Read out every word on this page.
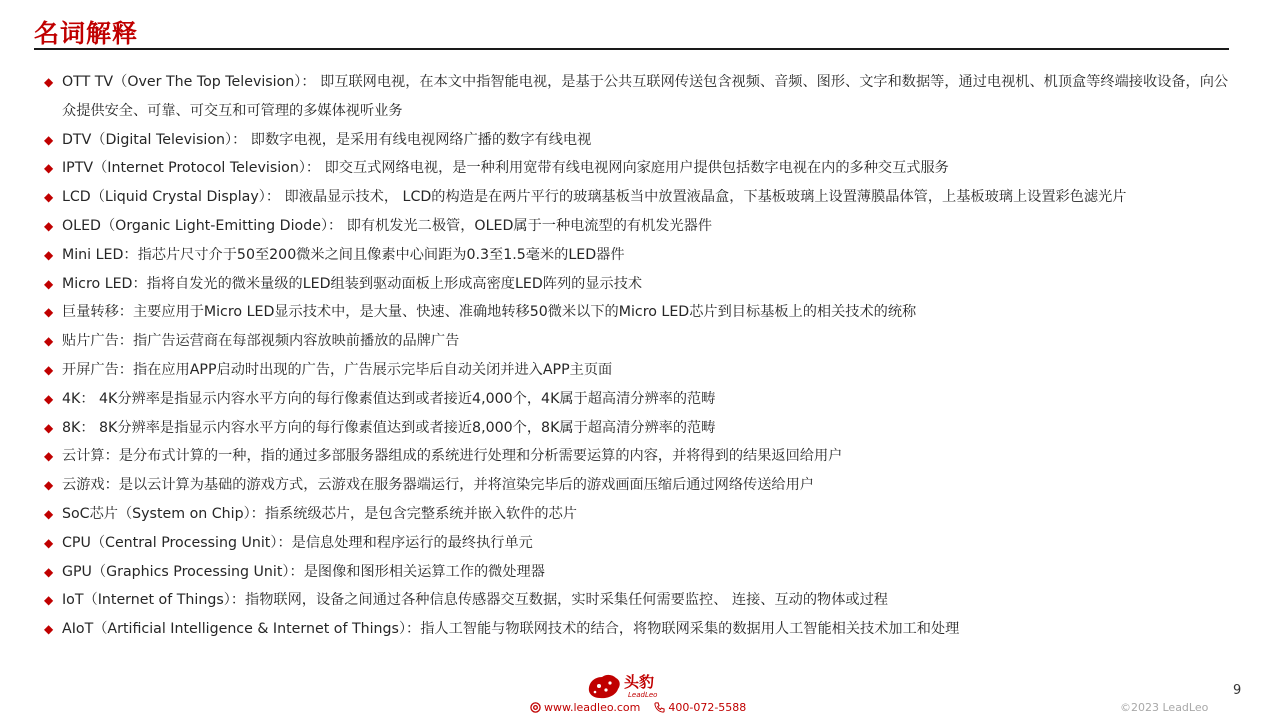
名词解释
◆ OTT TV（Over The Top Television）： 即互联网电视，在本文中指智能电视，是基于公共互联网传送包含视频、音频、图形、文字和数据等，通过电视机、机顶盒等终端接收设备，向公众提供安全、可靠、可交互和可管理的多媒体视听业务
◆ DTV（Digital Television）： 即数字电视，是采用有线电视网络广播的数字有线电视
◆ IPTV（Internet Protocol Television）： 即交互式网络电视，是一种利用宽带有线电视网向家庭用户提供包括数字电视在内的多种交互式服务
◆ LCD（Liquid Crystal Display）： 即液晶显示技术， LCD的构造是在两片平行的玻璃基板当中放置液晶盒，下基板玻璃上设置薄膜晶体管，上基板玻璃上设置彩色滤光片
◆ OLED（Organic Light-Emitting Diode）： 即有机发光二极管，OLED属于一种电流型的有机发光器件
◆ Mini LED：指芯片尺寸介于50至200微米之间且像素中心间距为0.3至1.5毫米的LED器件
◆ Micro LED：指将自发光的微米量级的LED组装到驱动面板上形成高密度LED阵列的显示技术
◆ 巨量转移：主要应用于Micro LED显示技术中，是大量、快速、准确地转移50微米以下的Micro LED芯片到目标基板上的相关技术的统称
◆ 贴片广告：指广告运营商在每部视频内容放映前播放的品牌广告
◆ 开屏广告：指在应用APP启动时出现的广告，广告展示完毕后自动关闭并进入APP主页面
◆ 4K： 4K分辨率是指显示内容水平方向的每行像素值达到或者接近4,000个，4K属于超高清分辨率的范畴
◆ 8K： 8K分辨率是指显示内容水平方向的每行像素值达到或者接近8,000个，8K属于超高清分辨率的范畴
◆ 云计算：是分布式计算的一种，指的通过多部服务器组成的系统进行处理和分析需要运算的内容，并将得到的结果返回给用户
◆ 云游戏：是以云计算为基础的游戏方式，云游戏在服务器端运行，并将渲染完毕后的游戏画面压缩后通过网络传送给用户
◆ SoC芯片（System on Chip）：指系统级芯片，是包含完整系统并嵌入软件的芯片
◆ CPU（Central Processing Unit）：是信息处理和程序运行的最终执行单元
◆ GPU（Graphics Processing Unit）：是图像和图形相关运算工作的微处理器
◆ IoT（Internet of Things）：指物联网，设备之间通过各种信息传感器交互数据，实时采集任何需要监控、 连接、互动的物体或过程
◆ AIoT（Artificial Intelligence & Internet of Things）：指人工智能与物联网技术的结合，将物联网采集的数据用人工智能相关技术加工和处理
头豹
LeadLeo
www.leadleo.com	400-072-5588
9
©2023 LeadLeo
